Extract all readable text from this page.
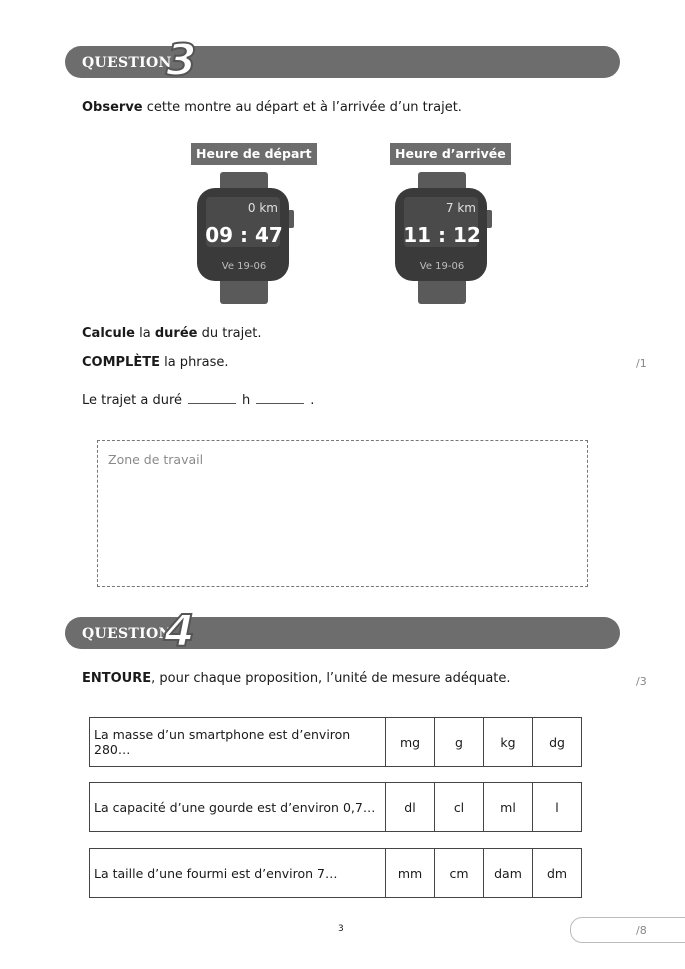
QUESTION
3
Observe cette montre au départ et à l’arrivée d’un trajet.
Heure de départ	Heure d’arrivée
0 km
09 : 47
Ve 19-06
7 km
11 : 12
Ve 19-06
Calcule la durée du trajet.
COMPLÈTE la phrase.	/1
Le trajet a duré	h	.
Zone de travail
QUESTION
4
ENTOURE, pour chaque proposition, l’unité de mesure adéquate.	/3
La masse d’un smartphone est d’environ 280…	mg	g	kg	dg
La capacité d’une gourde est d’environ 0,7…	dl	cl	ml	l
La taille d’une fourmi est d’environ 7…	mm	cm	dam	dm
3	/8
